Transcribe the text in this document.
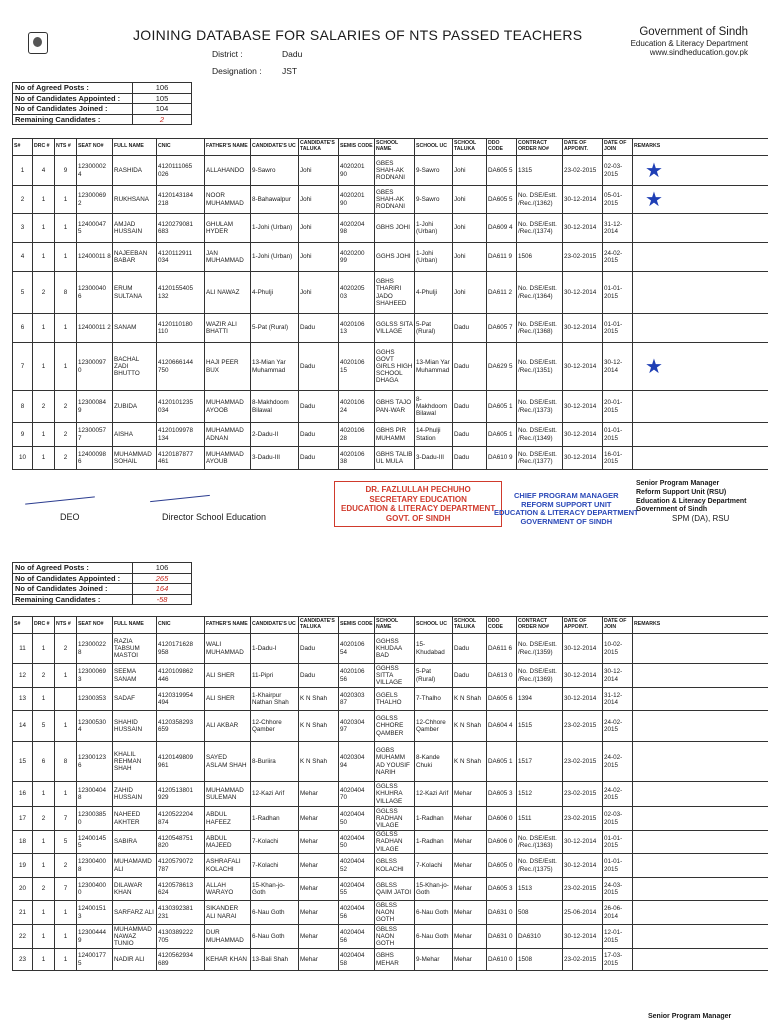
JOINING DATABASE FOR SALARIES OF NTS PASSED TEACHERS	Government of Sindh
Education & Literacy Department
www.sindheducation.gov.pk
District :	Dadu
Designation : JST
No of Agreed Posts :	106
No of Candidates Appointed :	105
No of Candidates Joined :	104
Remaining Candidates :	2
S#	DRC #	NTS #	SEAT NO#	FULL NAME	CNIC	FATHER'S NAME	CANDIDATE'S UC	CANDIDATE'S TALUKA	SEMIS CODE	SCHOOL NAME	SCHOOL UC	SCHOOL TALUKA	DDO CODE	CONTRACT ORDER NO#	DATE OF APPOINT.	DATE OF JOIN	REMARKS
1	4	9	12300002 4	RASHIDA	4120111065 026	ALLAHANDO	9-Sawro	Johi	4020201 90	GBES SHAH-AK RODNANI	9-Sawro	Johi	DA605 5	1315	23-02-2015	02-03-2015	★
2	1	1	12300069 2	RUKHSANA	4120143184 218	NOOR MUHAMMAD	8-Bahawalpur	Johi	4020201 90	GBES SHAH-AK RODNANI	9-Sawro	Johi	DA605 5	No. DSE/Estt. /Rec./(1362)	30-12-2014	05-01-2015	★
3	1	1	12400047 5	AMJAD HUSSAIN	4120279081 683	GHULAM HYDER	1-Johi (Urban)	Johi	4020204 98	GBHS JOHI	1-Johi (Urban)	Johi	DA609 4	No. DSE/Estt. /Rec./(1374)	30-12-2014	31-12-2014	
4	1	1	12400011 8	NAJEEBAN BABAR	4120112911 034	JAN MUHAMMAD	1-Johi (Urban)	Johi	4020200 99	GGHS JOHI	1-Johi (Urban)	Johi	DA611 9	1506	23-02-2015	24-02-2015	
5	2	8	12300040 6	ERUM SULTANA	4120155405 132	ALI NAWAZ	4-Phulji	Johi	4020205 03	GBHS THARIRI JADO SHAHEED	4-Phulji	Johi	DA611 2	No. DSE/Estt. /Rec./(1364)	30-12-2014	01-01-2015	
6	1	1	12400011 2	SANAM	4120110180 110	WAZIR ALI BHATTI	5-Pat (Rural)	Dadu	4020106 13	GGLSS SITA VILLAGE	5-Pat (Rural)	Dadu	DA605 7	No. DSE/Estt. /Rec./(1368)	30-12-2014	01-01-2015	
7	1	1	12300097 0	BACHAL ZADI BHUTTO	4120666144 750	HAJI PEER BUX	13-Mian Yar Muhammad	Dadu	4020106 15	GGHS GOVT GIRLS HIGH SCHOOL DHAGA	13-Mian Yar Muhammad	Dadu	DA629 5	No. DSE/Estt. /Rec./(1351)	30-12-2014	30-12-2014	★
8	2	2	12300084 9	ZUBIDA	4120101235 034	MUHAMMAD AYOOB	8-Makhdoom Bilawal	Dadu	4020106 24	GBHS TAJO PAN-WAR	8-Makhdoom Bilawal	Dadu	DA605 1	No. DSE/Estt. /Rec./(1373)	30-12-2014	20-01-2015	
9	1	2	12300057 7	AISHA	4120109978 134	MUHAMMAD ADNAN	2-Dadu-II	Dadu	4020106 28	GBHS PIR MUHAMM	14-Phulji Station	Dadu	DA605 1	No. DSE/Estt. /Rec./(1349)	30-12-2014	01-01-2015	
10	1	2	12400098 6	MUHAMMAD SOHAIL	4120187877 461	MUHAMMAD AYOUB	3-Dadu-III	Dadu	4020106 38	GBHS TALIB UL MULA	3-Dadu-III	Dadu	DA610 9	No. DSE/Estt. /Rec./(1377)	30-12-2014	16-01-2015	
DEO	Director School Education
DR. FAZLULLAH PECHUHO
SECRETARY EDUCATION
EDUCATION & LITERACY DEPARTMENT
GOVT. OF SINDH
CHIEF PROGRAM MANAGER
REFORM SUPPORT UNIT
EDUCATION & LITERACY DEPARTMENT
GOVERNMENT OF SINDH
Senior Program Manager
Reform Support Unit (RSU)
Education & Literacy Department
Government of Sindh
SPM (DA), RSU
No of Agreed Posts :	106
No of Candidates Appointed :	265
No of Candidates Joined :	164
Remaining Candidates :	-58
S#	DRC #	NTS #	SEAT NO#	FULL NAME	CNIC	FATHER'S NAME	CANDIDATE'S UC	CANDIDATE'S TALUKA	SEMIS CODE	SCHOOL NAME	SCHOOL UC	SCHOOL TALUKA	DDO CODE	CONTRACT ORDER NO#	DATE OF APPOINT.	DATE OF JOIN	REMARKS
11	1	2	12300022 8	RAZIA TABSUM MASTOI	4120171628 958	WALI MUHAMMAD	1-Dadu-I	Dadu	4020106 54	GGHSS KHUDAA BAD	15-Khudabad	Dadu	DA611 6	No. DSE/Estt. /Rec./(1359)	30-12-2014	10-02-2015	
12	2	1	12300069 3	SEEMA SANAM	4120109862 446	ALI SHER	11-Pipri	Dadu	4020106 56	GGHSS SITTA VILLAGE	5-Pat (Rural)	Dadu	DA613 0	No. DSE/Estt. /Rec./(1369)	30-12-2014	30-12-2014	
13	1		12300353	SADAF	4120319954 494	ALI SHER	1-Khairpur Nathan Shah	K N Shah	4020303 87	GGELS THALHO	7-Thalho	K N Shah	DA605 6	1394	30-12-2014	31-12-2014	
14	5	1	12300530 4	SHAHID HUSSAIN	4120358293 659	ALI AKBAR	12-Chhore Qamber	K N Shah	4020304 97	GGLSS CHHORE QAMBER	12-Chhore Qamber	K N Shah	DA604 4	1515	23-02-2015	24-02-2015	
15	6	8	12300123 6	KHALIL REHMAN SHAH	4120149809 961	SAYED ASLAM SHAH	8-Buriira	K N Shah	4020304 94	GGBS MUHAMM AD YOUSIF NARIH	8-Kande Chuki	K N Shah	DA605 1	1517	23-02-2015	24-02-2015	
16	1	1	12300404 8	ZAHID HUSSAIN	4120513801 929	MUHAMMAD SULEMAN	12-Kazi Arif	Mehar	4020404 70	GGLSS KHUHRA VILLAGE	12-Kazi Arif	Mehar	DA605 3	1512	23-02-2015	24-02-2015	
17	2	7	12300385 0	NAHEED AKHTER	4120522204 874	ABDUL HAFEEZ	1-Radhan	Mehar	4020404 50	GGLSS RADHAN VILAGE	1-Radhan	Mehar	DA606 0	1511	23-02-2015	02-03-2015	
18	1	5	12400145 5	SABIRA	4120548751 820	ABDUL MAJEED	7-Kolachi	Mehar	4020404 50	GGLSS RADHAN VILAGE	1-Radhan	Mehar	DA606 0	No. DSE/Estt. /Rec./(1363)	30-12-2014	01-01-2015	
19	1	2	12300400 8	MUHAMAMD ALI	4120579072 787	ASHRAFALI KOLACHI	7-Kolachi	Mehar	4020404 52	GBLSS KOLACHI	7-Kolachi	Mehar	DA605 0	No. DSE/Estt. /Rec./(1375)	30-12-2014	01-01-2015	
20	2	7	12300400 0	DILAWAR KHAN	4120578613 624	ALLAH WARAYO	15-Khan-jo-Goth	Mehar	4020404 55	GBLSS QAIM JATOI	15-Khan-jo-Goth	Mehar	DA605 3	1513	23-02-2015	24-03-2015	
21	1	1	12400151 3	SARFARZ ALI	4130392381 231	SIKANDER ALI NARAI	6-Nau Goth	Mehar	4020404 56	GBLSS NAON GOTH	6-Nau Goth	Mehar	DA631 0	508	25-06-2014	26-06-2014	
22	1	1	12300444 9	MUHAMMAD NAWAZ TUNIO	4130389222 705	DUR MUHAMMAD	6-Nau Goth	Mehar	4020404 56	GBLSS NAON GOTH	6-Nau Goth	Mehar	DA631 0	DA6310	30-12-2014	12-01-2015	
23	1	1	12400177 5	NADIR ALI	4120562934 689	KEHAR KHAN	13-Bali Shah	Mehar	4020404 58	GBHS MEHAR	9-Mehar	Mehar	DA610 0	1508	23-02-2015	17-03-2015	
Senior Program Manager
